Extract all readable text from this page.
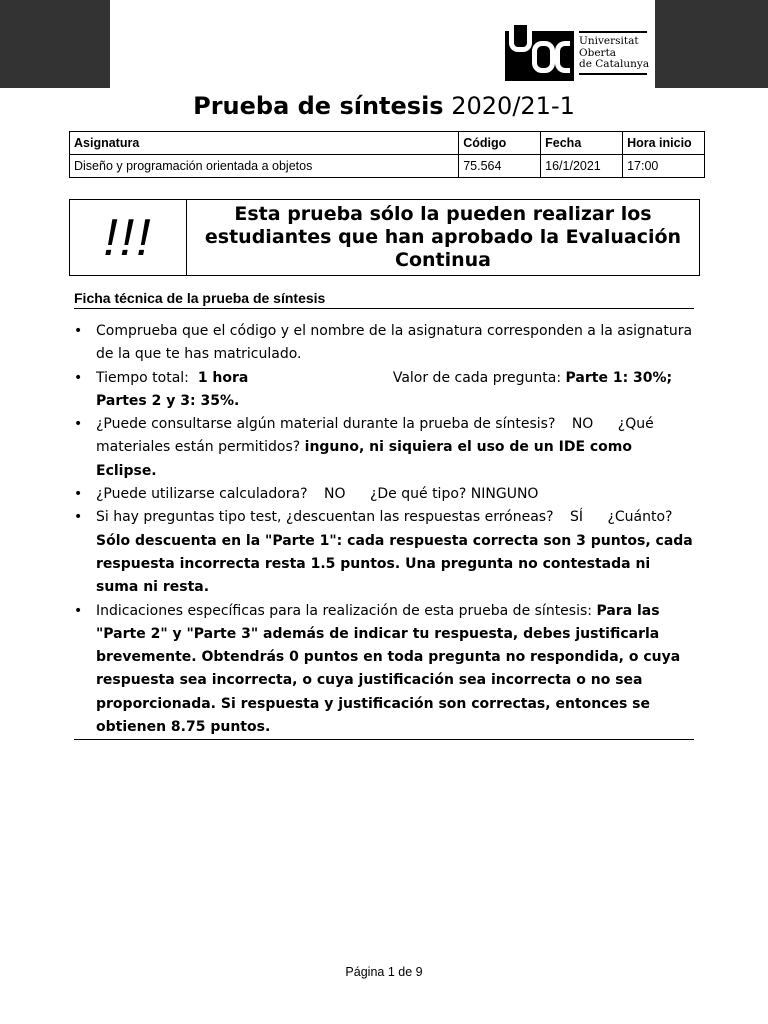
Universitat
Oberta
de Catalunya
Prueba de síntesis 2020/21-1
Asignatura	Código	Fecha	Hora inicio
Diseño y programación orientada a objetos	75.564	16/1/2021	17:00
!!!	Esta prueba sólo la pueden realizar los estudiantes que han aprobado la Evaluación Continua
Ficha técnica de la prueba de síntesis
• Comprueba que el código y el nombre de la asignatura corresponden a la asignatura de la que te has matriculado.
• Tiempo total: 1 hora	Valor de cada pregunta: Parte 1: 30%; Partes 2 y 3: 35%.
• ¿Puede consultarse algún material durante la prueba de síntesis? NO ¿Qué materiales están permitidos? inguno, ni siquiera el uso de un IDE como Eclipse.
• ¿Puede utilizarse calculadora? NO ¿De qué tipo? NINGUNO
• Si hay preguntas tipo test, ¿descuentan las respuestas erróneas? SÍ ¿Cuánto? Sólo descuenta en la "Parte 1": cada respuesta correcta son 3 puntos, cada respuesta incorrecta resta 1.5 puntos. Una pregunta no contestada ni suma ni resta.
• Indicaciones específicas para la realización de esta prueba de síntesis: Para las "Parte 2" y "Parte 3" además de indicar tu respuesta, debes justificarla brevemente. Obtendrás 0 puntos en toda pregunta no respondida, o cuya respuesta sea incorrecta, o cuya justificación sea incorrecta o no sea proporcionada. Si respuesta y justificación son correctas, entonces se obtienen 8.75 puntos.
Página 1 de 9
